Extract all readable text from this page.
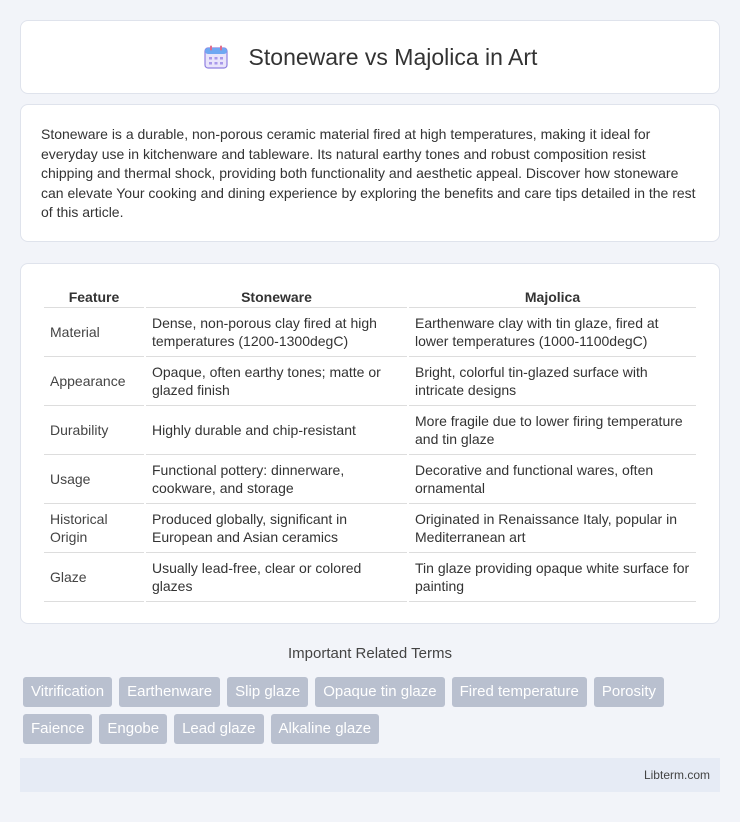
Stoneware vs Majolica in Art

Stoneware is a durable, non-porous ceramic material fired at high temperatures, making it ideal for everyday use in kitchenware and tableware. Its natural earthy tones and robust composition resist chipping and thermal shock, providing both functionality and aesthetic appeal. Discover how stoneware can elevate Your cooking and dining experience by exploring the benefits and care tips detailed in the rest of this article.

Feature	Stoneware	Majolica
Material	Dense, non-porous clay fired at high temperatures (1200-1300degC)	Earthenware clay with tin glaze, fired at lower temperatures (1000-1100degC)
Appearance	Opaque, often earthy tones; matte or glazed finish	Bright, colorful tin-glazed surface with intricate designs
Durability	Highly durable and chip-resistant	More fragile due to lower firing temperature and tin glaze
Usage	Functional pottery: dinnerware, cookware, and storage	Decorative and functional wares, often ornamental
Historical Origin	Produced globally, significant in European and Asian ceramics	Originated in Renaissance Italy, popular in Mediterranean art
Glaze	Usually lead-free, clear or colored glazes	Tin glaze providing opaque white surface for painting
Important Related Terms
Vitrification	Earthenware	Slip glaze	Opaque tin glaze	Fired temperature	Porosity
Faience	Engobe	Lead glaze	Alkaline glaze
Libterm.com
